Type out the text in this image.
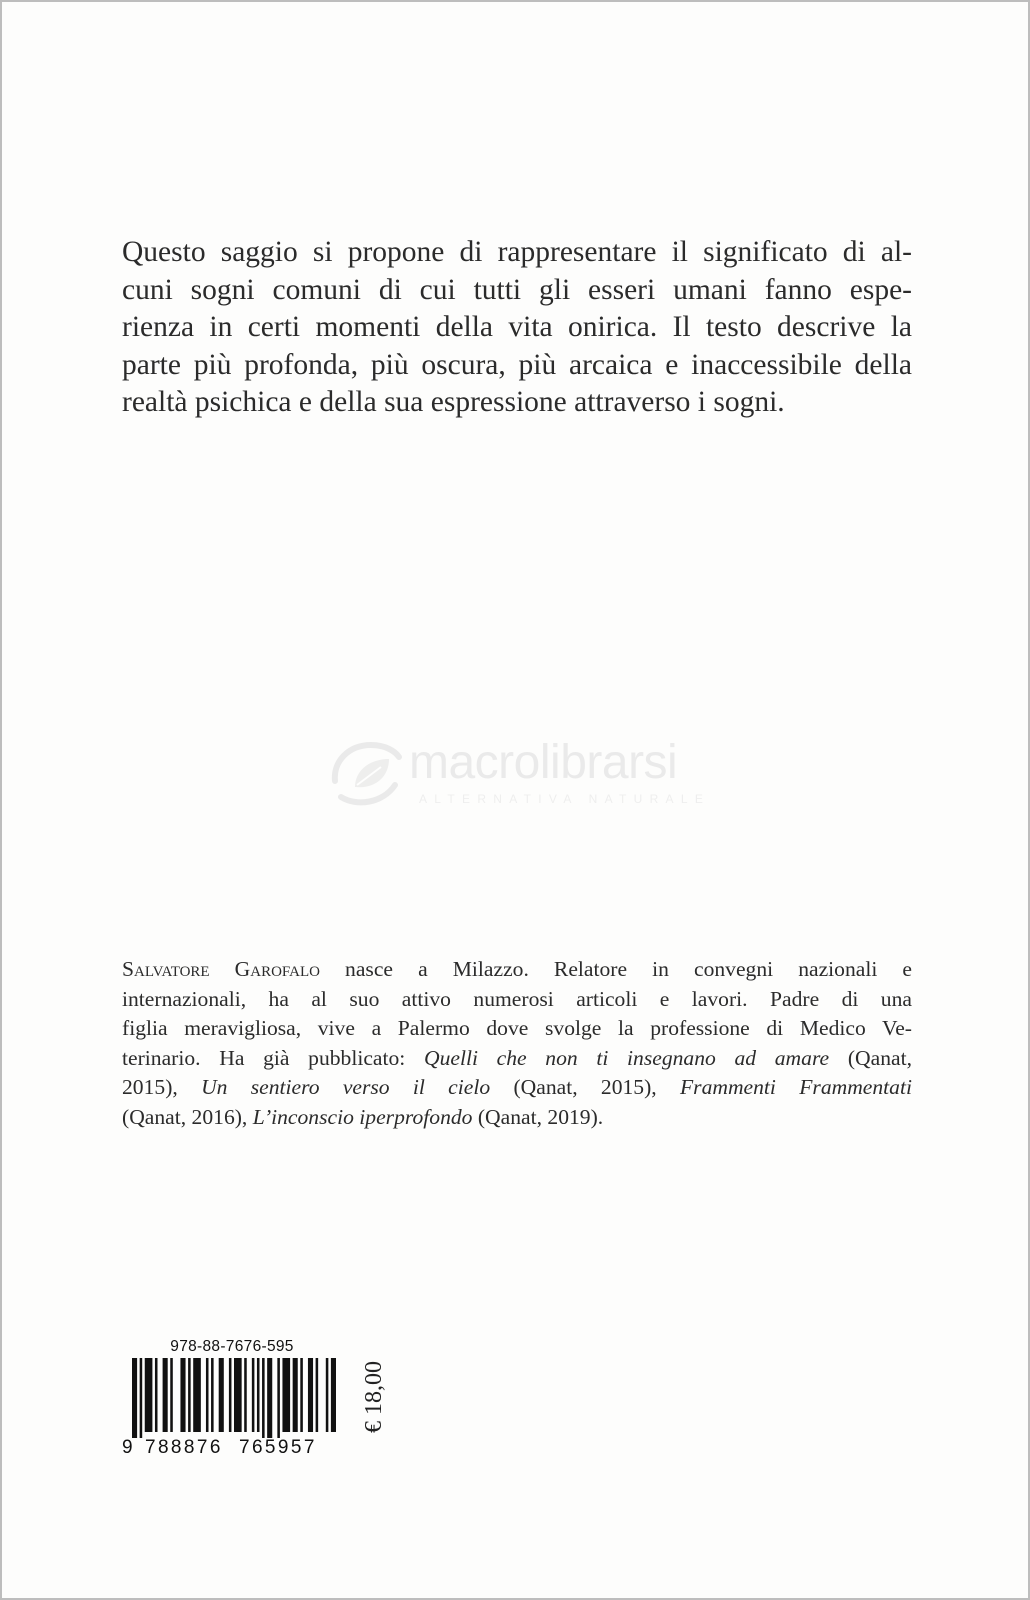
Questo saggio si propone di rappresentare il significato di al-
cuni sogni comuni di cui tutti gli esseri umani fanno espe-
rienza in certi momenti della vita onirica. Il testo descrive la
parte più profonda, più oscura, più arcaica e inaccessibile della
realtà psichica e della sua espressione attraverso i sogni.
macrolibrarsi
ALTERNATIVA NATURALE
Salvatore Garofalo nasce a Milazzo. Relatore in convegni nazionali e
internazionali, ha al suo attivo numerosi articoli e lavori. Padre di una
figlia meravigliosa, vive a Palermo dove svolge la professione di Medico Ve-
terinario. Ha già pubblicato: Quelli che non ti insegnano ad amare (Qanat,
2015), Un sentiero verso il cielo (Qanat, 2015), Frammenti Frammentati
(Qanat, 2016), L’inconscio iperprofondo (Qanat, 2019).
978-88-7676-595
9 788876 765957
€ 18,00
